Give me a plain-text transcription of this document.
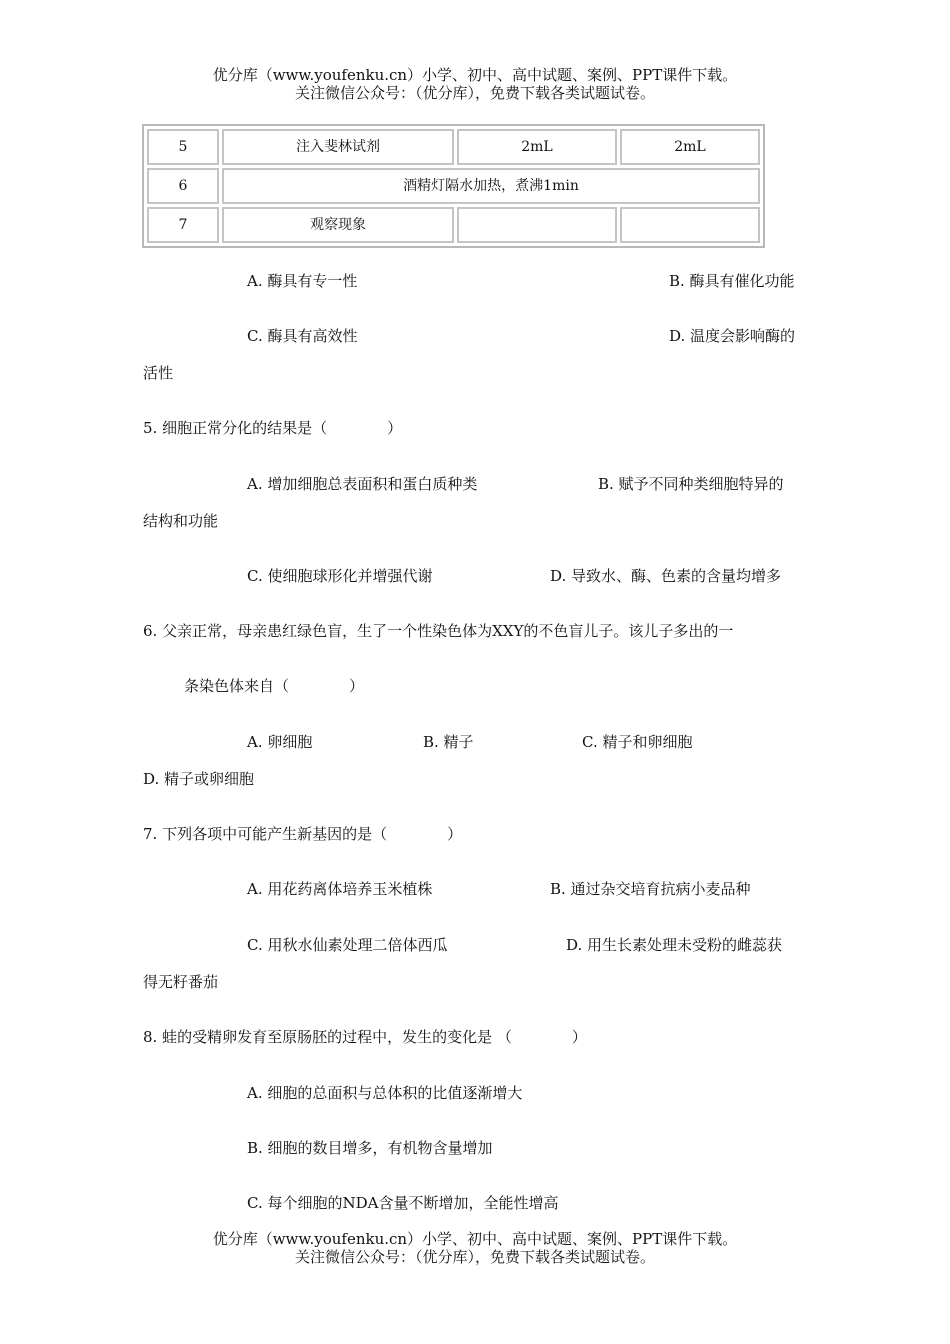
优分库（www.youfenku.cn）小学、初中、高中试题、案例、PPT课件下载。
关注微信公众号：（优分库），免费下载各类试题试卷。
5	注入斐林试剂	2mL	2mL
6	酒精灯隔水加热，煮沸1min		
7	观察现象		
A. 酶具有专一性	B. 酶具有催化功能
C. 酶具有高效性	D. 温度会影响酶的
活性
5. 细胞正常分化的结果是（　　　　）
A. 增加细胞总表面积和蛋白质种类	B. 赋予不同种类细胞特异的
结构和功能
C. 使细胞球形化并增强代谢	D. 导致水、酶、色素的含量均增多
6. 父亲正常，母亲患红绿色盲，生了一个性染色体为XXY的不色盲儿子。该儿子多出的一
条染色体来自（　　　　）
A. 卵细胞	B. 精子	C. 精子和卵细胞
D. 精子或卵细胞
7. 下列各项中可能产生新基因的是（　　　　）
A. 用花药离体培养玉米植株	B. 通过杂交培育抗病小麦品种
C. 用秋水仙素处理二倍体西瓜	D. 用生长素处理未受粉的雌蕊获
得无籽番茄
8. 蛙的受精卵发育至原肠胚的过程中，发生的变化是 （　　　　）
A. 细胞的总面积与总体积的比值逐渐增大
B. 细胞的数目增多，有机物含量增加
C. 每个细胞的NDA含量不断增加，全能性增高
优分库（www.youfenku.cn）小学、初中、高中试题、案例、PPT课件下载。
关注微信公众号：（优分库），免费下载各类试题试卷。
